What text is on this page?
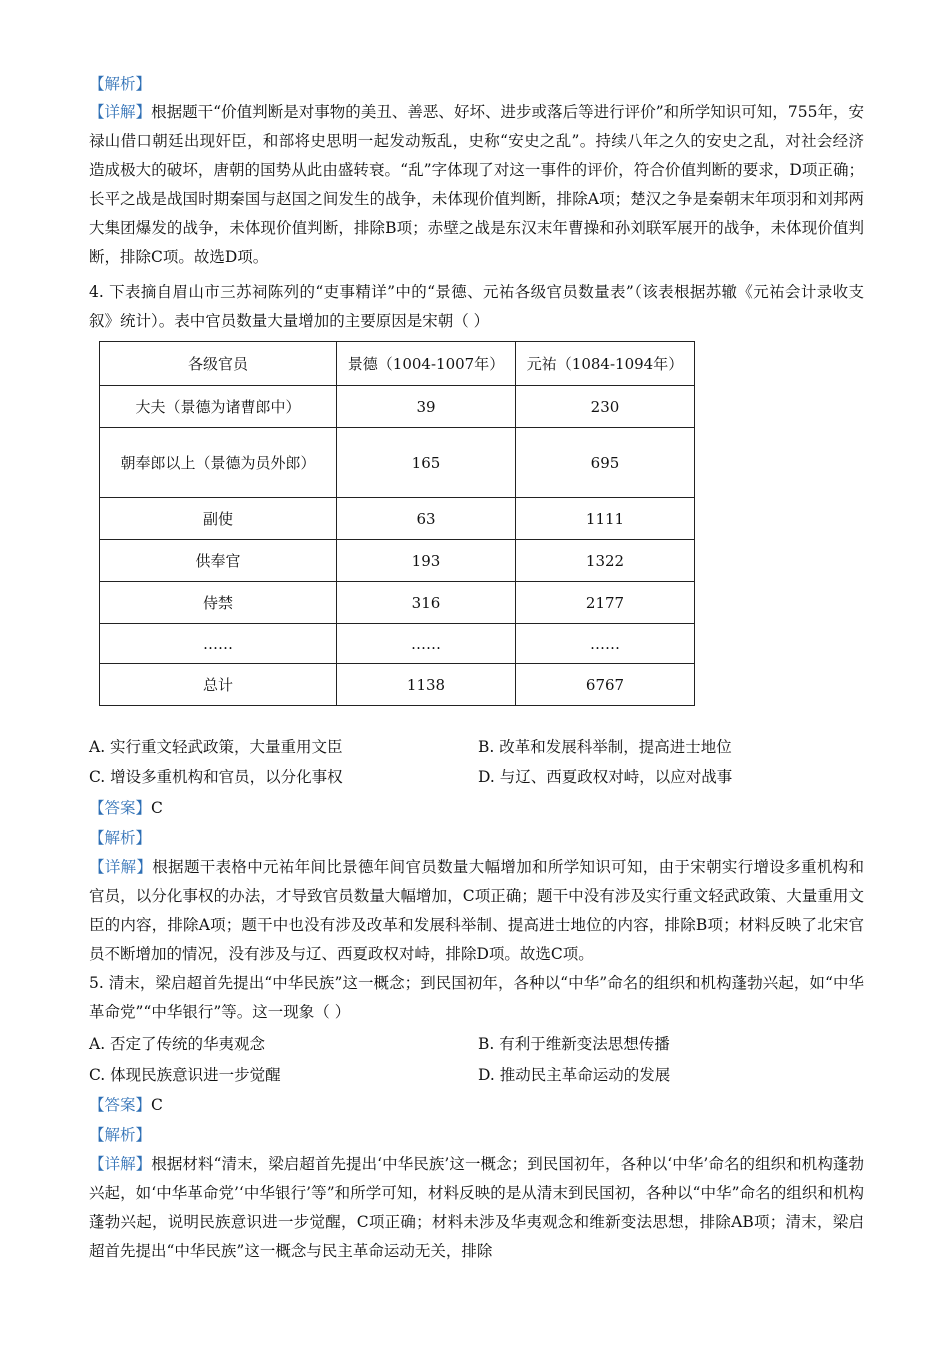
【解析】
【详解】根据题干“价值判断是对事物的美丑、善恶、好坏、进步或落后等进行评价”和所学知识可知，755年，安禄山借口朝廷出现奸臣，和部将史思明一起发动叛乱，史称“安史之乱”。持续八年之久的安史之乱，对社会经济造成极大的破坏，唐朝的国势从此由盛转衰。“乱”字体现了对这一事件的评价，符合价值判断的要求，D项正确；长平之战是战国时期秦国与赵国之间发生的战争，未体现价值判断，排除A项；楚汉之争是秦朝末年项羽和刘邦两大集团爆发的战争，未体现价值判断，排除B项；赤壁之战是东汉末年曹操和孙刘联军展开的战争，未体现价值判断，排除C项。故选D项。
4. 下表摘自眉山市三苏祠陈列的“吏事精详”中的“景德、元祐各级官员数量表”（该表根据苏辙《元祐会计录收支叙》统计）。表中官员数量大量增加的主要原因是宋朝（ ）
各级官员	景德（1004-1007年）	元祐（1084-1094年）
大夫（景德为诸曹郎中）	39	230
朝奉郎以上（景德为员外郎）	165	695
副使	63	1111
供奉官	193	1322
侍禁	316	2177
……	……	……
总计	1138	6767
A. 实行重文轻武政策，大量重用文臣	B. 改革和发展科举制，提高进士地位
C. 增设多重机构和官员，以分化事权	D. 与辽、西夏政权对峙，以应对战事
【答案】C
【解析】
【详解】根据题干表格中元祐年间比景德年间官员数量大幅增加和所学知识可知，由于宋朝实行增设多重机构和官员，以分化事权的办法，才导致官员数量大幅增加，C项正确；题干中没有涉及实行重文轻武政策、大量重用文臣的内容，排除A项；题干中也没有涉及改革和发展科举制、提高进士地位的内容，排除B项；材料反映了北宋官员不断增加的情况，没有涉及与辽、西夏政权对峙，排除D项。故选C项。
5. 清末，梁启超首先提出“中华民族”这一概念；到民国初年，各种以“中华”命名的组织和机构蓬勃兴起，如“中华革命党”“中华银行”等。这一现象（ ）
A. 否定了传统的华夷观念	B. 有利于维新变法思想传播
C. 体现民族意识进一步觉醒	D. 推动民主革命运动的发展
【答案】C
【解析】
【详解】根据材料“清末，梁启超首先提出‘中华民族’这一概念；到民国初年，各种以‘中华’命名的组织和机构蓬勃兴起，如‘中华革命党’‘中华银行’等”和所学可知，材料反映的是从清末到民国初，各种以“中华”命名的组织和机构蓬勃兴起，说明民族意识进一步觉醒，C项正确；材料未涉及华夷观念和维新变法思想，排除AB项；清末，梁启超首先提出“中华民族”这一概念与民主革命运动无关，排除
